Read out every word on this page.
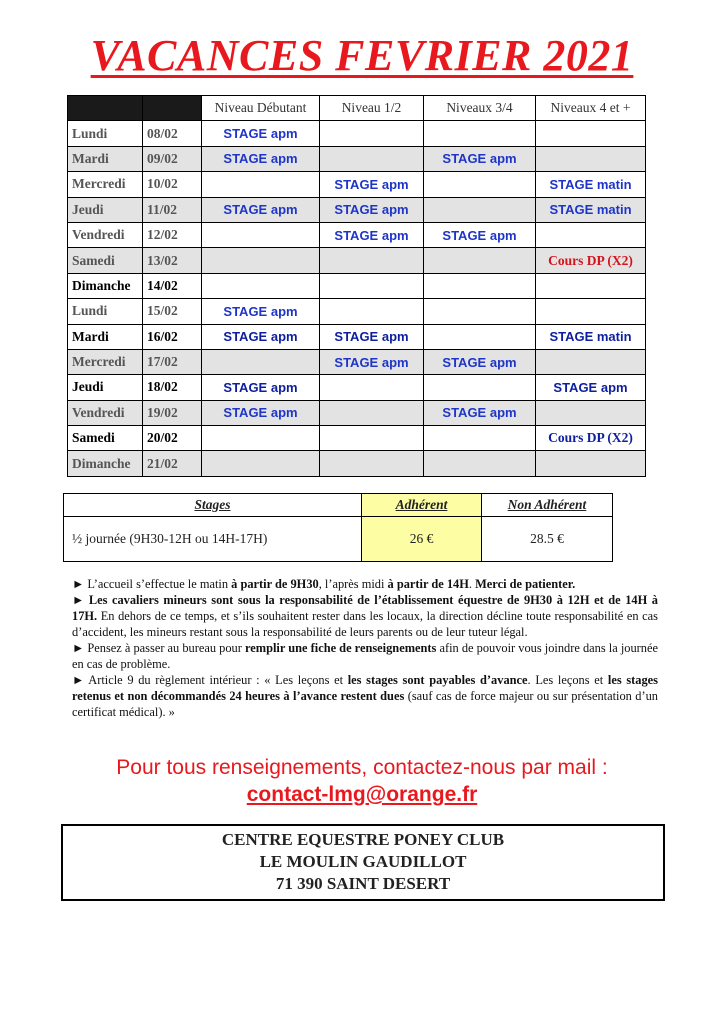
VACANCES FEVRIER 2021
		Niveau Débutant	Niveau 1/2	Niveaux 3/4	Niveaux 4 et +
Lundi	08/02	STAGE apm			
Mardi	09/02	STAGE apm		STAGE apm	
Mercredi	10/02		STAGE apm		STAGE matin
Jeudi	11/02	STAGE apm	STAGE apm		STAGE matin
Vendredi	12/02		STAGE apm	STAGE apm	
Samedi	13/02				Cours DP (X2)
Dimanche	14/02				
Lundi	15/02	STAGE apm			
Mardi	16/02	STAGE apm	STAGE apm		STAGE matin
Mercredi	17/02		STAGE apm	STAGE apm	
Jeudi	18/02	STAGE apm			STAGE apm
Vendredi	19/02	STAGE apm		STAGE apm	
Samedi	20/02				Cours DP (X2)
Dimanche	21/02				
Stages	Adhérent	Non Adhérent
½ journée (9H30-12H ou 14H-17H)	26 €	28.5 €

► L’accueil s’effectue le matin à partir de 9H30, l’après midi à partir de 14H. Merci de patienter.

► Les cavaliers mineurs sont sous la responsabilité de l’établissement équestre de 9H30 à 12H et de 14H à 17H. En dehors de ce temps, et s’ils souhaitent rester dans les locaux, la direction décline toute responsabilité en cas d’accident, les mineurs restant sous la responsabilité de leurs parents ou de leur tuteur légal.

► Pensez à passer au bureau pour remplir une fiche de renseignements afin de pouvoir vous joindre dans la journée en cas de problème.

► Article 9 du règlement intérieur : « Les leçons et les stages sont payables d’avance. Les leçons et les stages retenus et non décommandés 24 heures à l’avance restent dues (sauf cas de force majeur ou sur présentation d’un certificat médical). »

Pour tous renseignements, contactez-nous par mail :
contact-lmg@orange.fr
CENTRE EQUESTRE PONEY CLUB
LE MOULIN GAUDILLOT
71 390 SAINT DESERT
